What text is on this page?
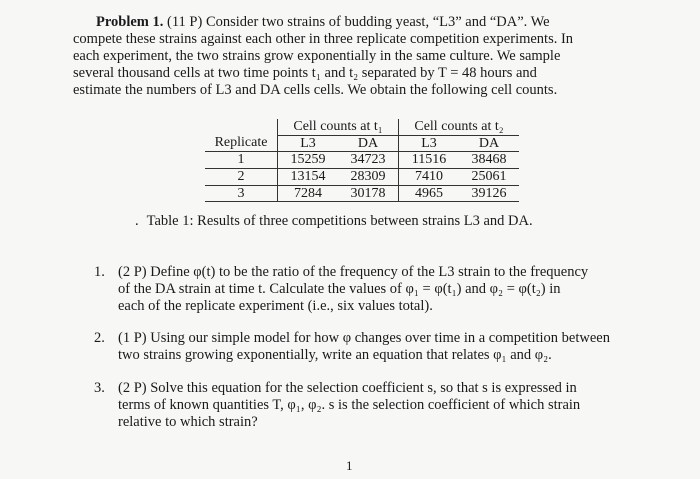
Problem 1. (11 P) Consider two strains of budding yeast, “L3” and “DA”. We
compete these strains against each other in three replicate competition experiments. In
each experiment, the two strains grow exponentially in the same culture. We sample
several thousand cells at two time points t₁ and t₂ separated by T = 48 hours and
estimate the numbers of L3 and DA cells cells. We obtain the following cell counts.
	Cell counts at t₁		Cell counts at t₂	
Replicate	L3	DA	L3	DA
1	15259	34723	11516	38468
2	13154	28309	7410	25061
3	7284	30178	4965	39126
. Table 1: Results of three competitions between strains L3 and DA.
1. (2 P) Define φ(t) to be the ratio of the frequency of the L3 strain to the frequency
of the DA strain at time t. Calculate the values of φ₁ = φ(t₁) and φ₂ = φ(t₂) in
each of the replicate experiment (i.e., six values total).
2. (1 P) Using our simple model for how φ changes over time in a competition between
two strains growing exponentially, write an equation that relates φ₁ and φ₂.
3. (2 P) Solve this equation for the selection coefficient s, so that s is expressed in
terms of known quantities T, φ₁, φ₂. s is the selection coefficient of which strain
relative to which strain?
1
